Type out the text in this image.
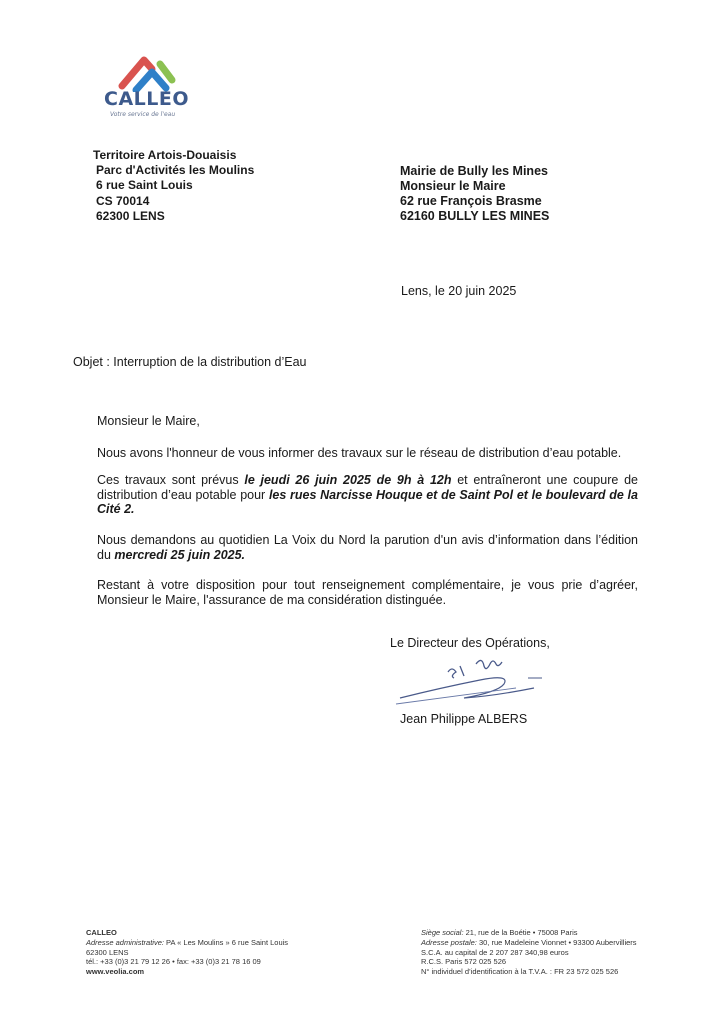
CALLEO
Votre service de l'eau
Territoire Artois-Douaisis
Parc d'Activités les Moulins
6 rue Saint Louis
CS 70014
62300 LENS
Mairie de Bully les Mines
Monsieur le Maire
62 rue François Brasme
62160 BULLY LES MINES
Lens, le 20 juin 2025
Objet : Interruption de la distribution d’Eau
Monsieur le Maire,
Nous avons l'honneur de vous informer des travaux sur le réseau de distribution d’eau potable.
Ces travaux sont prévus le jeudi 26 juin 2025 de 9h à 12h et entraîneront une coupure de distribution d’eau potable pour les rues Narcisse Houque et de Saint Pol et le boulevard de la Cité 2.
Nous demandons au quotidien La Voix du Nord la parution d'un avis d’information dans l’édition du mercredi 25 juin 2025.
Restant à votre disposition pour tout renseignement complémentaire, je vous prie d’agréer, Monsieur le Maire, l'assurance de ma considération distinguée.
Le Directeur des Opérations,
Jean Philippe ALBERS
CALLEO
Adresse administrative: PA « Les Moulins » 6 rue Saint Louis
62300 LENS
tél.: +33 (0)3 21 79 12 26 • fax: +33 (0)3 21 78 16 09
www.veolia.com
Siège social: 21, rue de la Boétie • 75008 Paris
Adresse postale: 30, rue Madeleine Vionnet • 93300 Aubervilliers
S.C.A. au capital de 2 207 287 340,98 euros
R.C.S. Paris 572 025 526
N° individuel d’identification à la T.V.A. : FR 23 572 025 526
